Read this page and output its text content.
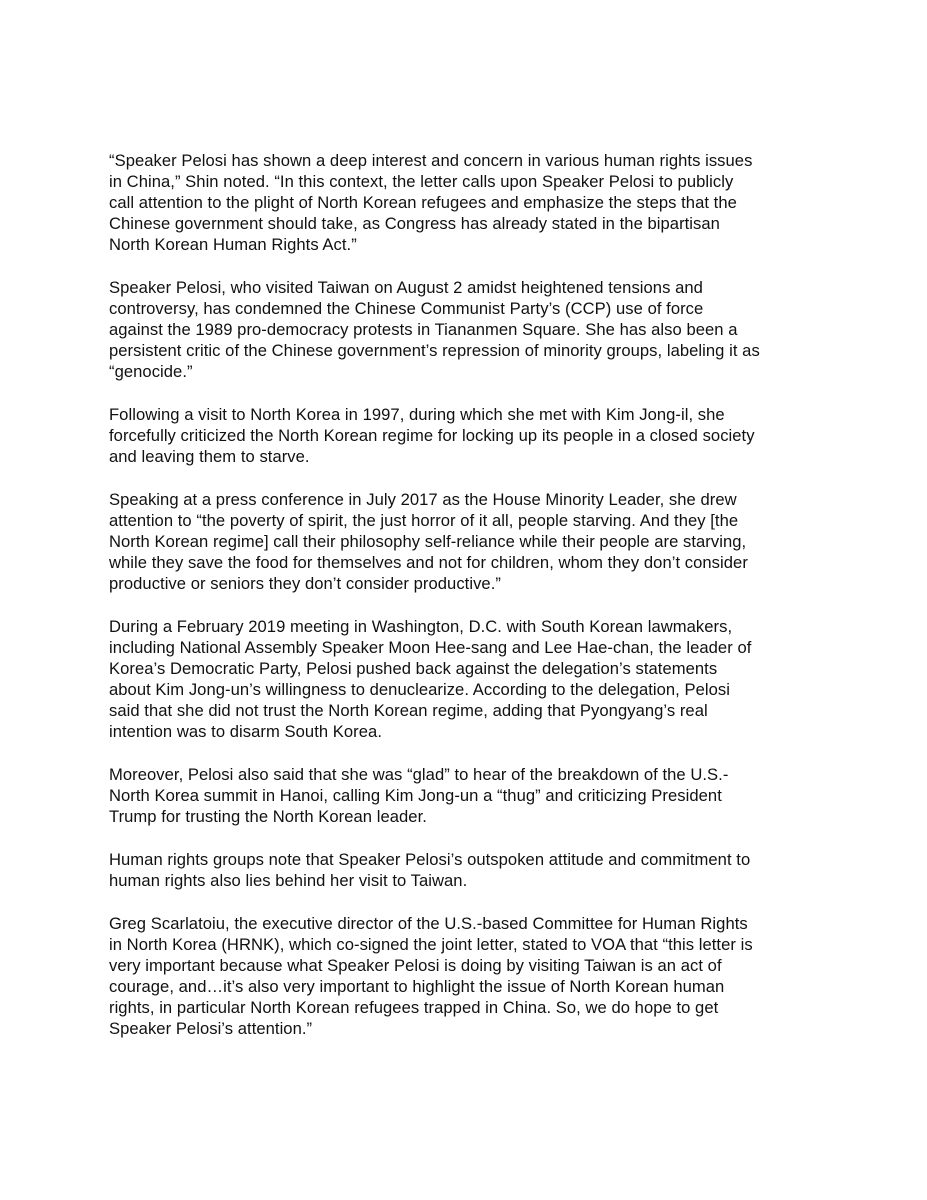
“Speaker Pelosi has shown a deep interest and concern in various human rights issues
in China,” Shin noted. “In this context, the letter calls upon Speaker Pelosi to publicly
call attention to the plight of North Korean refugees and emphasize the steps that the
Chinese government should take, as Congress has already stated in the bipartisan
North Korean Human Rights Act.”

Speaker Pelosi, who visited Taiwan on August 2 amidst heightened tensions and
controversy, has condemned the Chinese Communist Party’s (CCP) use of force
against the 1989 pro-democracy protests in Tiananmen Square. She has also been a
persistent critic of the Chinese government’s repression of minority groups, labeling it as
“genocide.”

Following a visit to North Korea in 1997, during which she met with Kim Jong-il, she
forcefully criticized the North Korean regime for locking up its people in a closed society
and leaving them to starve.

Speaking at a press conference in July 2017 as the House Minority Leader, she drew
attention to “the poverty of spirit, the just horror of it all, people starving. And they [the
North Korean regime] call their philosophy self-reliance while their people are starving,
while they save the food for themselves and not for children, whom they don’t consider
productive or seniors they don’t consider productive.”

During a February 2019 meeting in Washington, D.C. with South Korean lawmakers,
including National Assembly Speaker Moon Hee-sang and Lee Hae-chan, the leader of
Korea’s Democratic Party, Pelosi pushed back against the delegation’s statements
about Kim Jong-un’s willingness to denuclearize. According to the delegation, Pelosi
said that she did not trust the North Korean regime, adding that Pyongyang’s real
intention was to disarm South Korea.

Moreover, Pelosi also said that she was “glad” to hear of the breakdown of the U.S.-
North Korea summit in Hanoi, calling Kim Jong-un a “thug” and criticizing President
Trump for trusting the North Korean leader.

Human rights groups note that Speaker Pelosi’s outspoken attitude and commitment to
human rights also lies behind her visit to Taiwan.

Greg Scarlatoiu, the executive director of the U.S.-based Committee for Human Rights
in North Korea (HRNK), which co-signed the joint letter, stated to VOA that “this letter is
very important because what Speaker Pelosi is doing by visiting Taiwan is an act of
courage, and…it’s also very important to highlight the issue of North Korean human
rights, in particular North Korean refugees trapped in China. So, we do hope to get
Speaker Pelosi’s attention.”
